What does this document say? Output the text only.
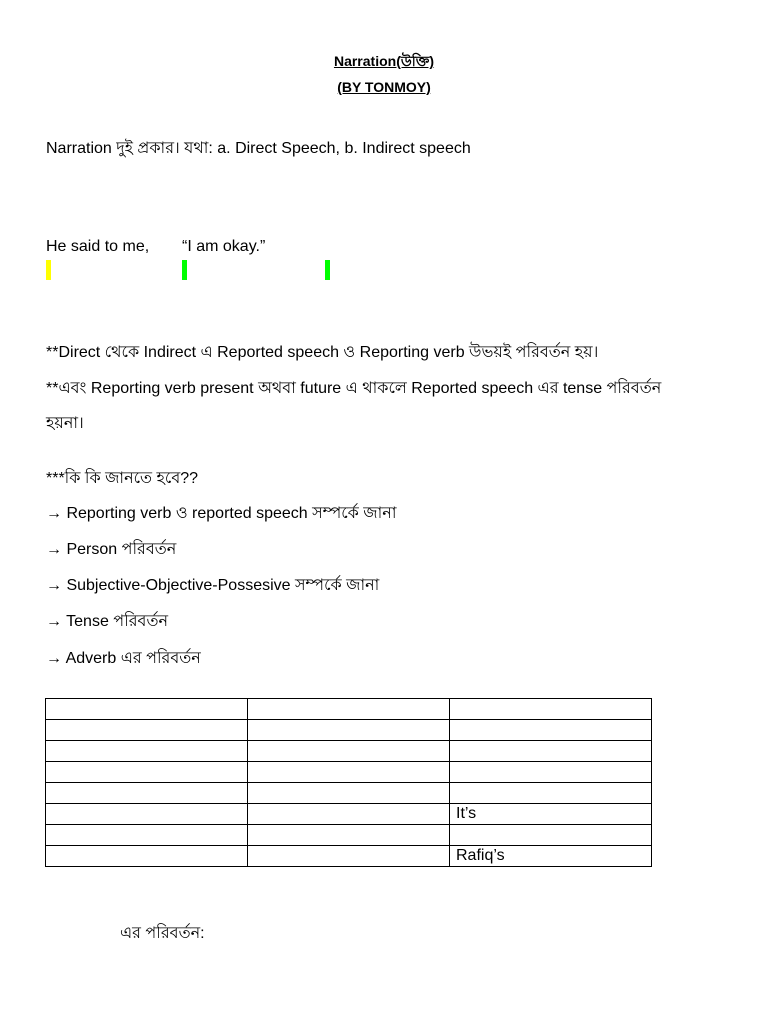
Narration(উক্তি)
(BY TONMOY)
Narration দুই প্রকার। যথা: a. Direct Speech, b. Indirect speech
He said to me, “I am okay.”
**Direct থেকে Indirect এ Reported speech ও Reporting verb উভয়ই পরিবর্তন হয়।
**এবং Reporting verb present অথবা future এ থাকলে Reported speech এর tense পরিবর্তন
হয়না।
***কি কি জানতে হবে??
→ Reporting verb ও reported speech সম্পর্কে জানা
→ Person পরিবর্তন
→ Subjective-Objective-Possesive সম্পর্কে জানা
→ Tense পরিবর্তন
→ Adverb এর পরিবর্তন

		It’s

		Rafiq’s
এর পরিবর্তন:
